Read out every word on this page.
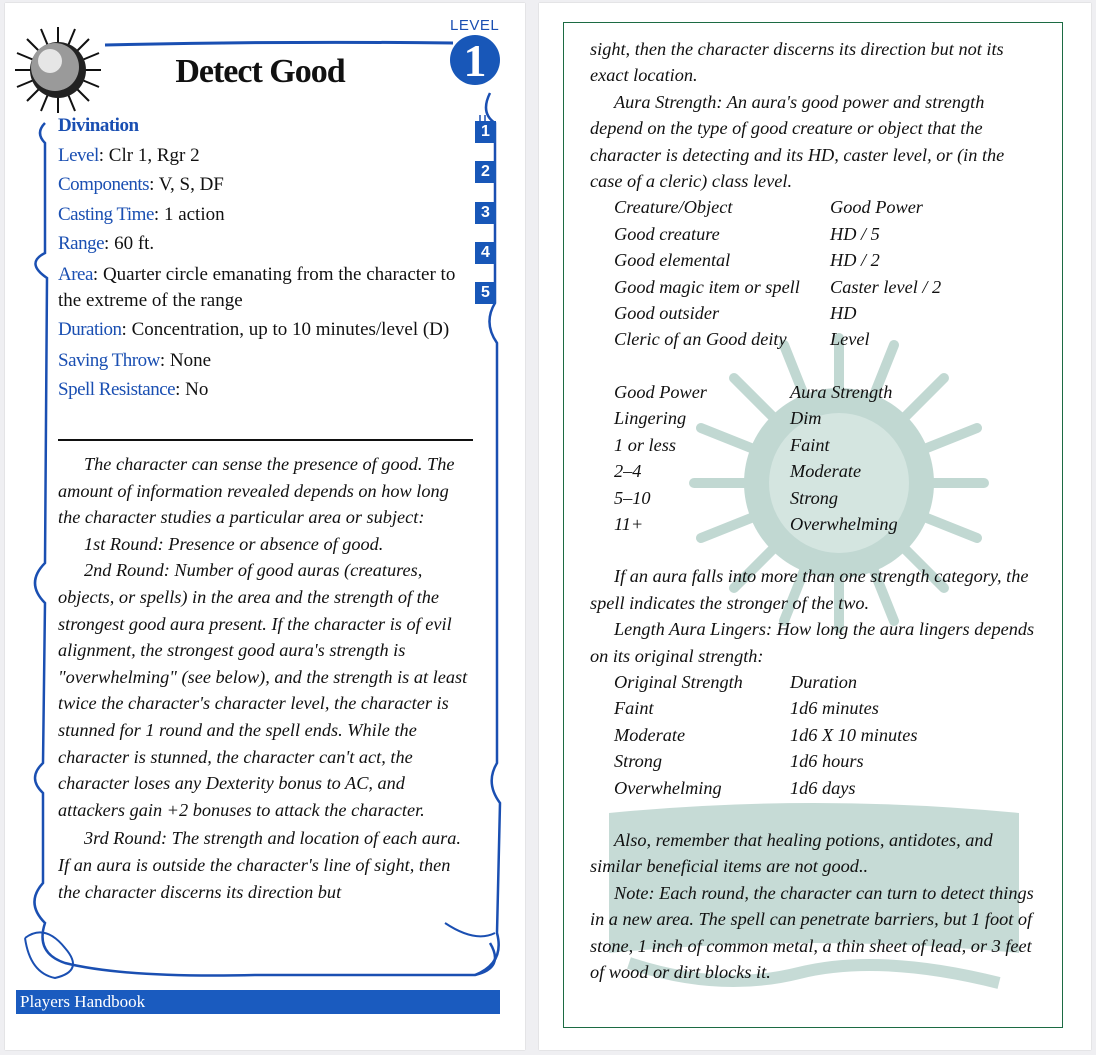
LEVEL
1
Detect Good
Divination
Level: Clr 1, Rgr 2
Components: V, S, DF
Casting Time: 1 action
Range: 60 ft.
Area: Quarter circle emanating from the character to the extreme of the range
Duration: Concentration, up to 10 minutes/level (D)
Saving Throw: None
Spell Resistance: No
1
2
3
4
5

The character can sense the presence of good. The amount of information revealed depends on how long the character studies a particular area or subject:

1st Round: Presence or absence of good.

2nd Round: Number of good auras (creatures, objects, or spells) in the area and the strength of the strongest good aura present. If the character is of evil alignment, the strongest good aura's strength is "overwhelming" (see below), and the strength is at least twice the character's character level, the character is stunned for 1 round and the spell ends. While the character is stunned, the character can't act, the character loses any Dexterity bonus to AC, and attackers gain +2 bonuses to attack the character.

3rd Round: The strength and location of each aura. If an aura is outside the character's line of sight, then the character discerns its direction but

Players Handbook

sight, then the character discerns its direction but not its exact location.

Aura Strength: An aura's good power and strength depend on the type of good creature or object that the character is detecting and its HD, caster level, or (in the case of a cleric) class level.

Creature/Object	Good Power
Good creature	HD / 5
Good elemental	HD / 2
Good magic item or spell	Caster level / 2
Good outsider	HD
Cleric of an Good deity	Level
Good Power	Aura Strength
Lingering	Dim
1 or less	Faint
2–4	Moderate
5–10	Strong
11+	Overwhelming

If an aura falls into more than one strength category, the spell indicates the stronger of the two.

Length Aura Lingers: How long the aura lingers depends on its original strength:

Original Strength	Duration
Faint	1d6 minutes
Moderate	1d6 X 10 minutes
Strong	1d6 hours
Overwhelming	1d6 days

Also, remember that healing potions, antidotes, and similar beneficial items are not good..

Note: Each round, the character can turn to detect things in a new area. The spell can penetrate barriers, but 1 foot of stone, 1 inch of common metal, a thin sheet of lead, or 3 feet of wood or dirt blocks it.
